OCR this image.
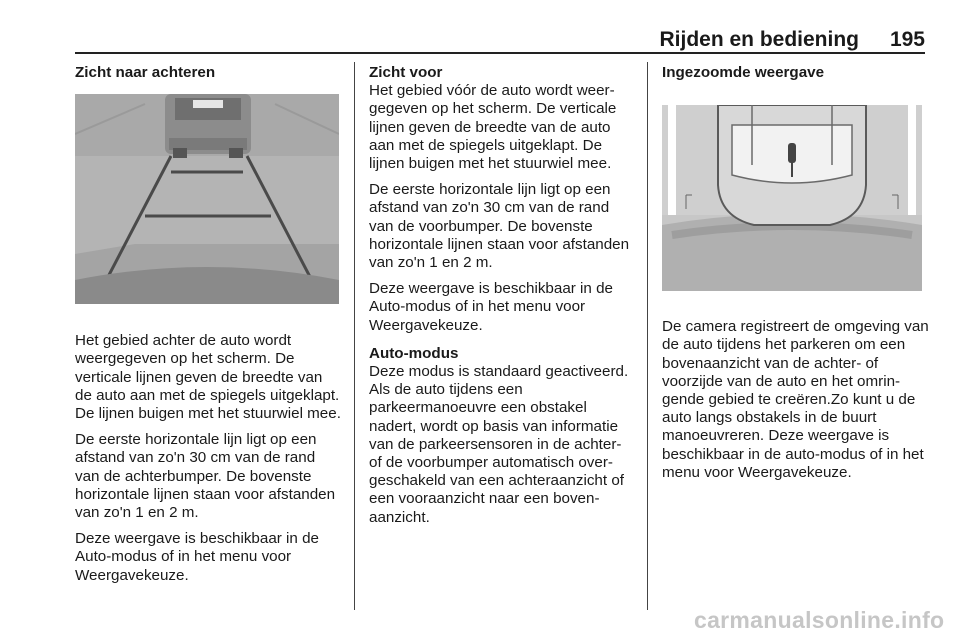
Rijden en bediening 195
Zicht naar achteren

Het gebied achter de auto wordt weergegeven op het scherm. De verticale lijnen geven de breedte van de auto aan met de spiegels uitgeklapt. De lijnen buigen met het stuurwiel mee.

De eerste horizontale lijn ligt op een afstand van zo'n 30 cm van de rand van de achterbumper. De bovenste horizontale lijnen staan voor afstanden van zo'n 1 en 2 m.

Deze weergave is beschikbaar in de Auto-modus of in het menu voor Weergavekeuze.

Zicht voor

Het gebied vóór de auto wordt weergegeven op het scherm. De verticale lijnen geven de breedte van de auto aan met de spiegels uitgeklapt. De lijnen buigen met het stuurwiel mee.

De eerste horizontale lijn ligt op een afstand van zo'n 30 cm van de rand van de voorbumper. De bovenste horizontale lijnen staan voor afstanden van zo'n 1 en 2 m.

Deze weergave is beschikbaar in de Auto-modus of in het menu voor Weergavekeuze.

Auto-modus

Deze modus is standaard geactiveerd. Als de auto tijdens een parkeermanoeuvre een obstakel nadert, wordt op basis van informatie van de parkeersensoren in de achter- of de voorbumper automatisch overgeschakeld van een achteraanzicht of een vooraanzicht naar een bovenaanzicht.

Ingezoomde weergave

De camera registreert de omgeving van de auto tijdens het parkeren om een bovenaanzicht van de achter- of voorzijde van de auto en het omringende gebied te creëren.Zo kunt u de auto langs obstakels in de buurt manoeuvreren. Deze weergave is beschikbaar in de auto-modus of in het menu voor Weergavekeuze.

carmanualsonline.info
